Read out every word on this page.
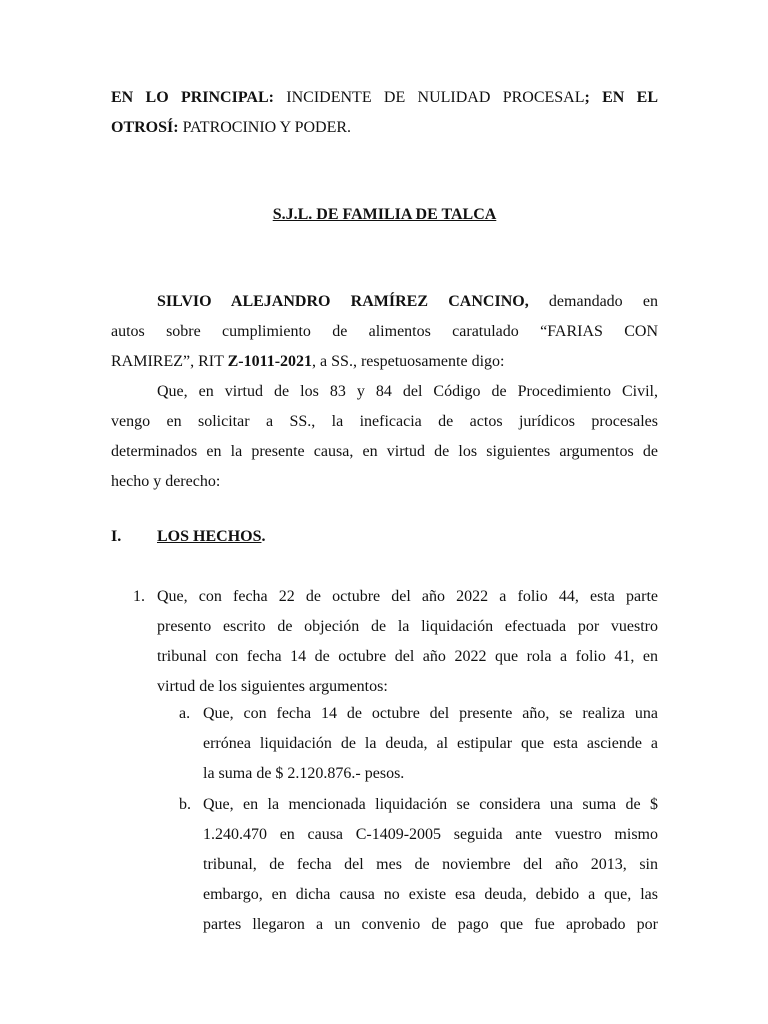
EN LO PRINCIPAL: INCIDENTE DE NULIDAD PROCESAL; EN EL
OTROSÍ: PATROCINIO Y PODER.
S.J.L. DE FAMILIA DE TALCA
SILVIO ALEJANDRO RAMÍREZ CANCINO, demandado en
autos sobre cumplimiento de alimentos caratulado “FARIAS CON
RAMIREZ”, RIT Z-1011-2021, a SS., respetuosamente digo:
Que, en virtud de los 83 y 84 del Código de Procedimiento Civil,
vengo en solicitar a SS., la ineficacia de actos jurídicos procesales
determinados en la presente causa, en virtud de los siguientes argumentos de
hecho y derecho:
I. LOS HECHOS.
1. Que, con fecha 22 de octubre del año 2022 a folio 44, esta parte
presento escrito de objeción de la liquidación efectuada por vuestro
tribunal con fecha 14 de octubre del año 2022 que rola a folio 41, en
virtud de los siguientes argumentos:
a. Que, con fecha 14 de octubre del presente año, se realiza una
errónea liquidación de la deuda, al estipular que esta asciende a
la suma de $ 2.120.876.- pesos.
b. Que, en la mencionada liquidación se considera una suma de $
1.240.470 en causa C-1409-2005 seguida ante vuestro mismo
tribunal, de fecha del mes de noviembre del año 2013, sin
embargo, en dicha causa no existe esa deuda, debido a que, las
partes llegaron a un convenio de pago que fue aprobado por
